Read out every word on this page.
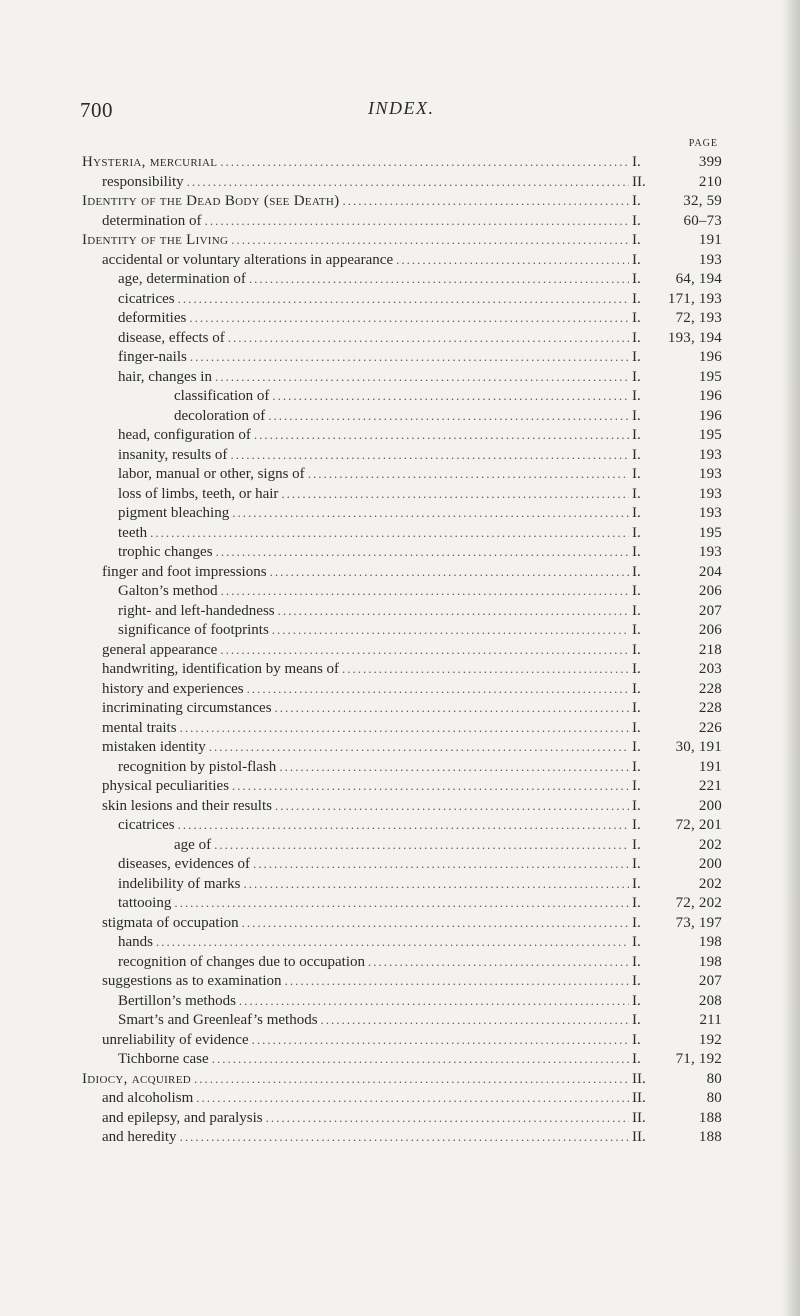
700	INDEX.
PAGE
Hysteria, mercurial .....	I.	399
responsibility .....	II.	210
Identity of the Dead Body (see Death) .....	I.	32, 59
determination of .....	I.	60–73
Identity of the Living .....	I.	191
accidental or voluntary alterations in appearance .....	I.	193
age, determination of .....	I.	64, 194
cicatrices .....	I.	171, 193
deformities .....	I.	72, 193
disease, effects of .....	I.	193, 194
finger-nails .....	I.	196
hair, changes in .....	I.	195
classification of .....	I.	196
decoloration of .....	I.	196
head, configuration of .....	I.	195
insanity, results of .....	I.	193
labor, manual or other, signs of .....	I.	193
loss of limbs, teeth, or hair .....	I.	193
pigment bleaching .....	I.	193
teeth .....	I.	195
trophic changes .....	I.	193
finger and foot impressions .....	I.	204
Galton’s method .....	I.	206
right- and left-handedness .....	I.	207
significance of footprints .....	I.	206
general appearance .....	I.	218
handwriting, identification by means of .....	I.	203
history and experiences .....	I.	228
incriminating circumstances .....	I.	228
mental traits .....	I.	226
mistaken identity .....	I.	30, 191
recognition by pistol-flash .....	I.	191
physical peculiarities .....	I.	221
skin lesions and their results .....	I.	200
cicatrices .....	I.	72, 201
age of .....	I.	202
diseases, evidences of .....	I.	200
indelibility of marks .....	I.	202
tattooing .....	I.	72, 202
stigmata of occupation .....	I.	73, 197
hands .....	I.	198
recognition of changes due to occupation .....	I.	198
suggestions as to examination .....	I.	207
Bertillon’s methods .....	I.	208
Smart’s and Greenleaf’s methods .....	I.	211
unreliability of evidence .....	I.	192
Tichborne case .....	I.	71, 192
Idiocy, acquired .....	II.	80
and alcoholism .....	II.	80
and epilepsy, and paralysis .....	II.	188
and heredity .....	II.	188
